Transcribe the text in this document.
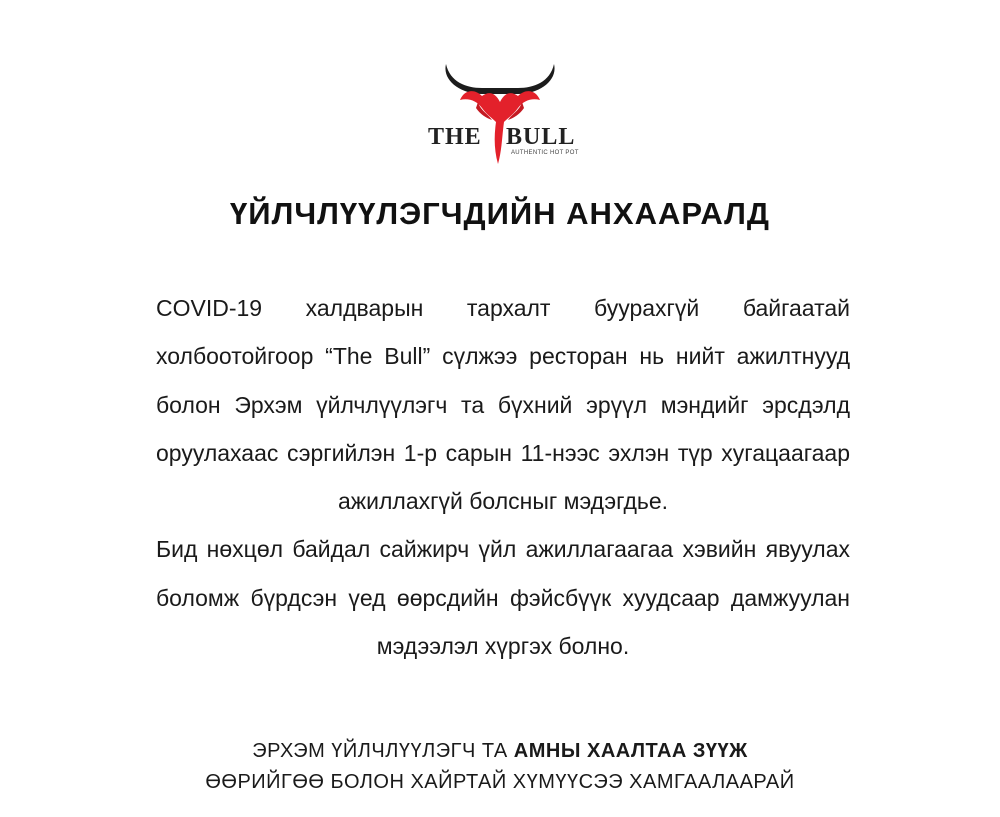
THE BULL
AUTHENTIC HOT POT
ҮЙЛЧЛҮҮЛЭГЧДИЙН АНХААРАЛД

COVID-19 халдварын тархалт буурахгүй байгаатай холбоотойгоор “The Bull” сүлжээ ресторан нь нийт ажилтнууд болон Эрхэм үйлчлүүлэгч та бүхний эрүүл мэндийг эрсдэлд оруулахаас сэргийлэн 1-р сарын 11-нээс эхлэн түр хугацаагаар ажиллахгүй болсныг мэдэгдье.

Бид нөхцөл байдал сайжирч үйл ажиллагаагаа хэвийн явуулах боломж бүрдсэн үед өөрсдийн фэйсбүүк хуудсаар дамжуулан мэдээлэл хүргэх болно.

ЭРХЭМ ҮЙЛЧЛҮҮЛЭГЧ ТА АМНЫ ХААЛТАА ЗҮҮЖ
ӨӨРИЙГӨӨ БОЛОН ХАЙРТАЙ ХҮМҮҮСЭЭ ХАМГААЛААРАЙ
